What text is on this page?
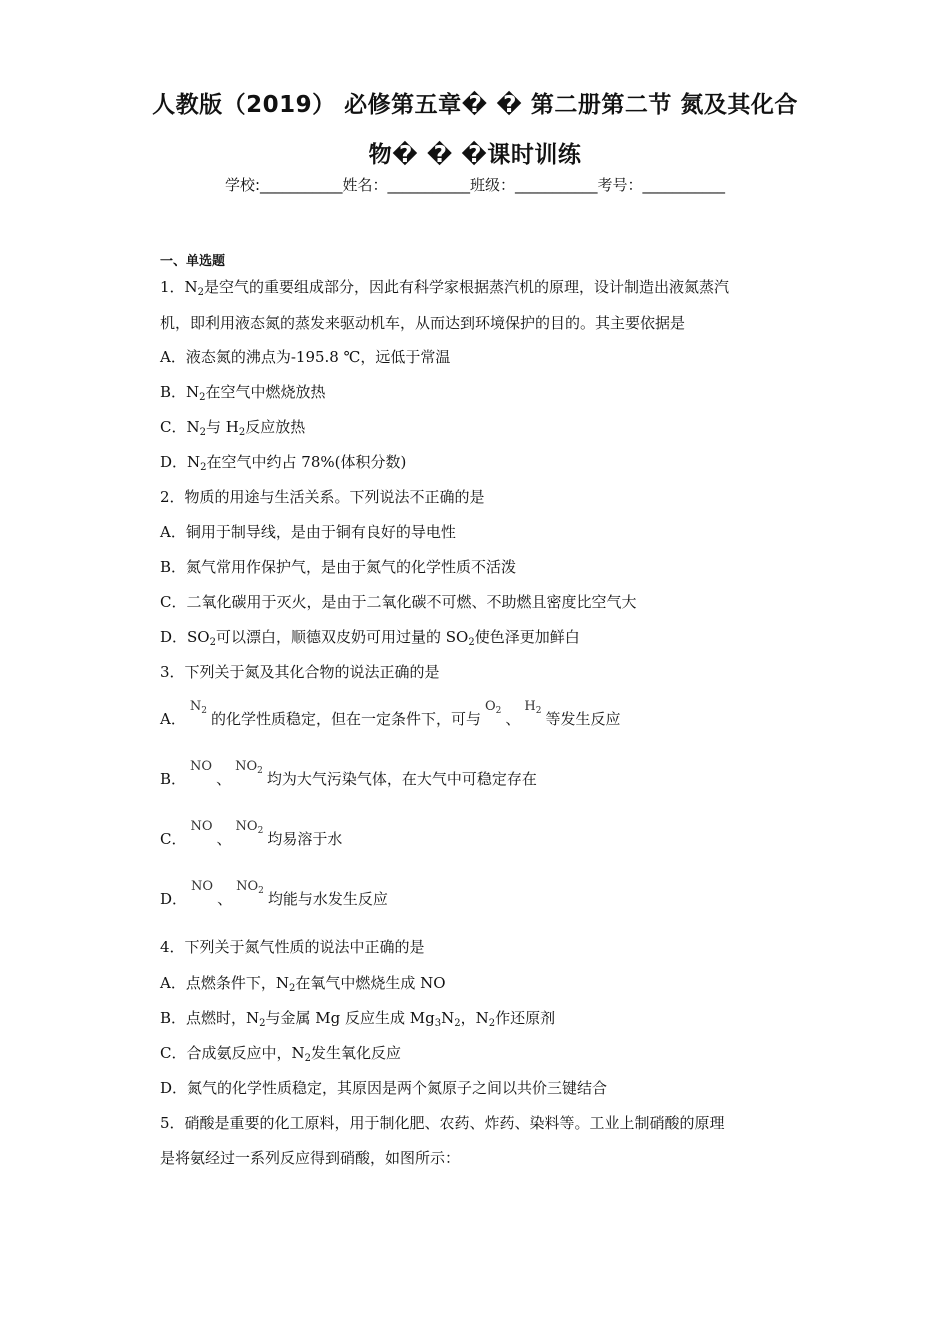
人教版（2019） 必修第五章� � 第二册第二节 氮及其化合
物� � �课时训练
学校:___________姓名：___________班级：___________考号：___________
一、单选题
1．$N_2$是空气的重要组成部分，因此有科学家根据蒸汽机的原理，设计制造出液氮蒸汽
机，即利用液态氮的蒸发来驱动机车，从而达到环境保护的目的。其主要依据是
A．液态氮的沸点为-195.8 ℃，远低于常温
B．$N_2$在空气中燃烧放热
C．$N_2$与 $H_2$反应放热
D．$N_2$在空气中约占 78%(体积分数)
2．物质的用途与生活关系。下列说法不正确的是
A．铜用于制导线，是由于铜有良好的导电性
B．氮气常用作保护气，是由于氮气的化学性质不活泼
C．二氧化碳用于灭火，是由于二氧化碳不可燃、不助燃且密度比空气大
D．$SO_2$可以漂白，顺德双皮奶可用过量的 $SO_2$使色泽更加鲜白
3．下列关于氮及其化合物的说法正确的是
A．$N_2$ 的化学性质稳定，但在一定条件下，可与$O_2$ 、$H_2$ 等发生反应
B．NO、$NO_2$ 均为大气污染气体，在大气中可稳定存在
C．NO、$NO_2$ 均易溶于水
D．NO、$NO_2$ 均能与水发生反应
4．下列关于氮气性质的说法中正确的是
A．点燃条件下，$N_2$在氧气中燃烧生成 NO
B．点燃时，$N_2$与金属 Mg 反应生成 $Mg_3N_2$，$N_2$作还原剂
C．合成氨反应中，$N_2$发生氧化反应
D．氮气的化学性质稳定，其原因是两个氮原子之间以共价三键结合
5．硝酸是重要的化工原料，用于制化肥、农药、炸药、染料等。工业上制硝酸的原理
是将氨经过一系列反应得到硝酸，如图所示：
